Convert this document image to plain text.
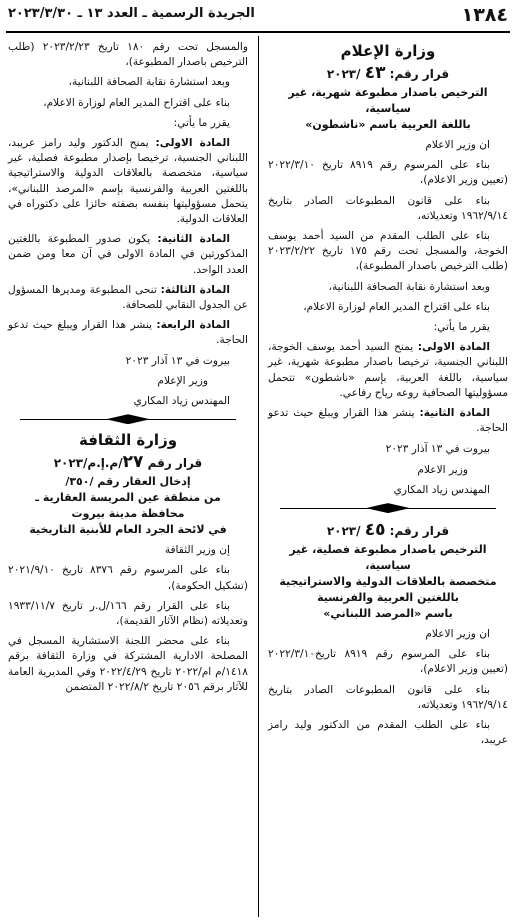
١٣٨٤
الجريدة الرسمية ـ العدد ١٣ ـ ٢٠٢٣/٣/٣٠
وزارة الإعلام
قرار رقم: ٤٣ /٢٠٢٣
الترخيص باصدار مطبوعة شهرية، غير سياسية،
باللغة العربية باسم «ناشطون»

ان وزير الاعلام

بناء على المرسوم رقم ٨٩١٩ تاريخ ٢٠٢٢/٣/١٠ (تعيين وزير الاعلام)،

بناء على قانون المطبوعات الصادر بتاريخ ١٩٦٢/٩/١٤ وتعديلاته،

بناء على الطلب المقدم من السيد أحمد يوسف الخوجة، والمسجل تحت رقم ١٧٥ تاريخ ٢٠٢٣/٢/٢٢ (طلب الترخيص باصدار المطبوعة)،

وبعد استشارة نقابة الصحافة اللبنانية،

بناء على اقتراح المدير العام لوزارة الاعلام،

يقرر ما يأتي:

المادة الاولى: يمنح السيد أحمد يوسف الخوجة، اللبناني الجنسية، ترخيصا باصدار مطبوعة شهرية، غير سياسية، باللغة العربية، بإسم «ناشطون» تتحمل مسؤوليتها الصحافية روعه رياح رفاعي.

المادة الثانية: ينشر هذا القرار ويبلغ حيث تدعو الحاجة.

بيروت في ١٣ آذار ٢٠٢٣

وزير الاعلام

المهندس زياد المكاري

قرار رقم: ٤٥ /٢٠٢٣
الترخيص باصدار مطبوعة فصلية، غير سياسية،
متخصصة بالعلاقات الدولية والاستراتيجية
باللغتين العربية والفرنسية
باسم «المرصد اللبناني»

ان وزير الاعلام

بناء على المرسوم رقم ٨٩١٩ تاريخ٢٠٢٢/٣/١٠ (تعيين وزير الاعلام)،

بناء على قانون المطبوعات الصادر بتاريخ ١٩٦٢/٩/١٤ وتعديلاته،

بناء على الطلب المقدم من الدكتور وليد رامز عريبد،

والمسجل تحت رقم ١٨٠ تاريخ ٢٠٢٣/٢/٢٣ (طلب الترخيص باصدار المطبوعة)،

وبعد استشارة نقابة الصحافة اللبنانية،

بناء على اقتراح المدير العام لوزارة الاعلام،

يقرر ما يأتي:

المادة الاولى: يمنح الدكتور وليد رامز عريبد، اللبناني الجنسية، ترخيصا بإصدار مطبوعة فصلية، غير سياسية، متخصصة بالعلاقات الدولية والاستراتيجية باللغتين العربية والفرنسية بإسم «المرصد اللبناني»، يتحمل مسؤوليتها بنفسه بصفته حائزا على دكتوراه في العلاقات الدولية.

المادة الثانية: يكون صدور المطبوعة باللغتين المذكورتين في المادة الاولى في آن معا ومن ضمن العدد الواحد.

المادة الثالثة: تنحى المطبوعة ومديرها المسؤول عن الجدول النقابي للصحافة.

المادة الرابعة: ينشر هذا القرار ويبلغ حيث تدعو الحاجة.

بيروت في ١٣ آذار ٢٠٢٣

وزير الإعلام

المهندس زياد المكاري

وزارة الثقافة
قرار رقم ٢٧/م.إ.م/٢٠٢٣
إدخال العقار رقم /٣٥٠/
من منطقة عين المريسة العقارية ـ
محافظة مدينة بيروت
في لائحة الجرد العام للأبنية التاريخية

إن وزير الثقافة

بناء على المرسوم رقم ٨٣٧٦ تاريخ ٢٠٢١/٩/١٠ (تشكيل الحكومة)،

بناء على القرار رقم ١٦٦/ل.ر تاريخ ١٩٣٣/١١/٧ وتعديلاته (نظام الآثار القديمة)،

بناء على محضر اللجنة الاستشارية المسجل في المصلحة الادارية المشتركة في وزارة الثقافة برقم ١٤١٨/م ام/٢٠٢٢ تاريخ ٢٠٢٢/٤/٢٩ وفي المديرية العامة للآثار برقم ٢٠٥٦ تاريخ ٢٠٢٢/٨/٢ المتضمن
